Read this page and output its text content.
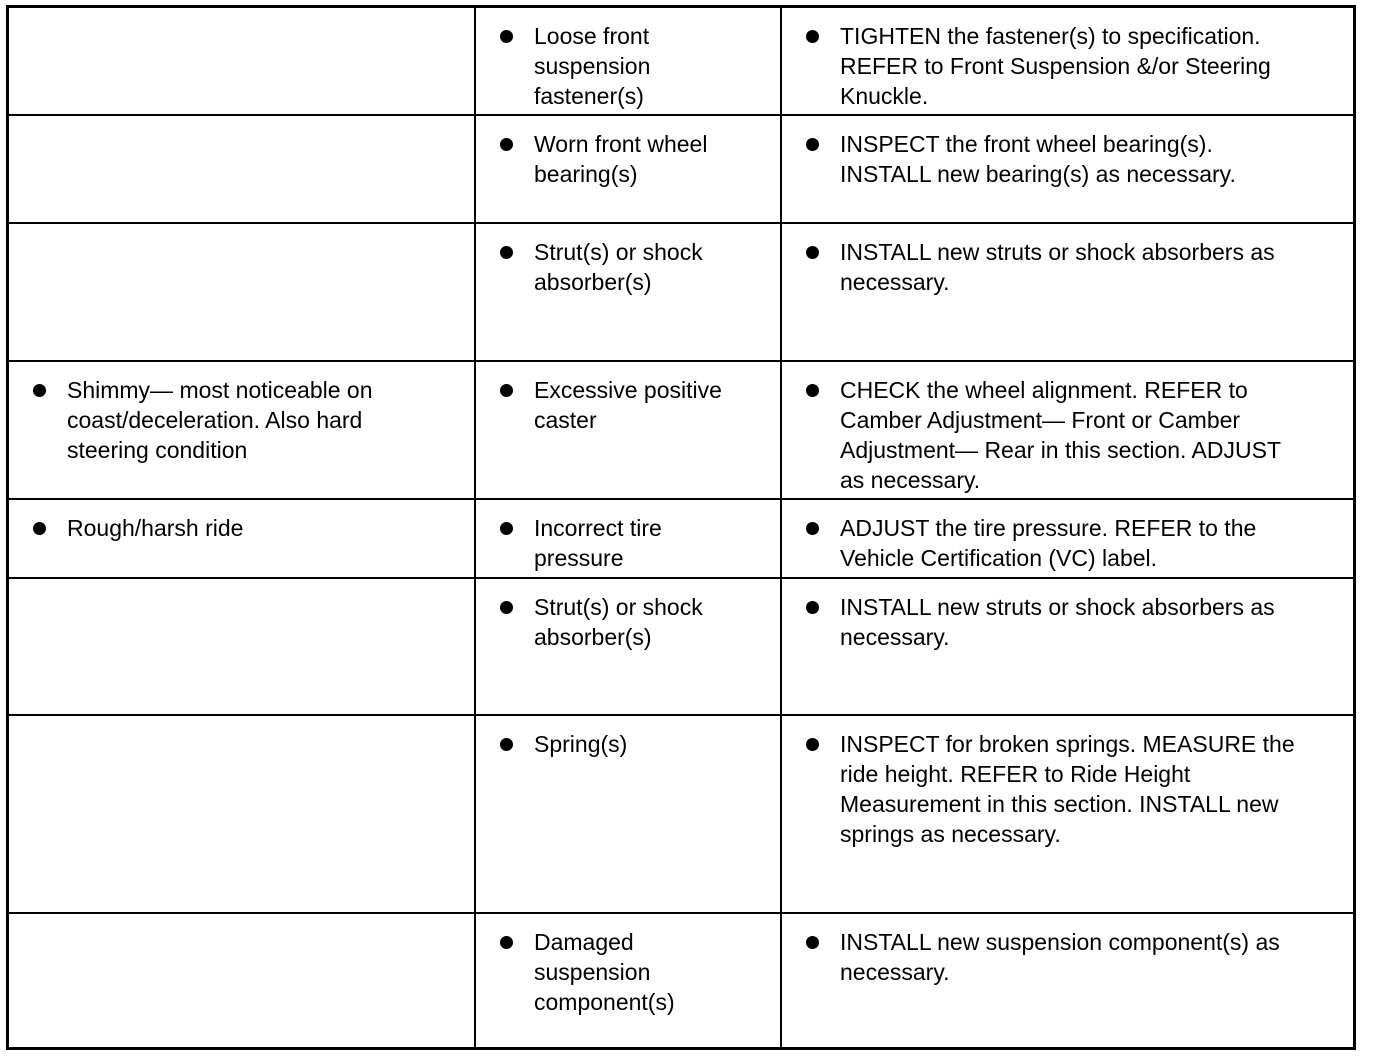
Loose front
suspension
fastener(s)
TIGHTEN the fastener(s) to specification.
REFER to Front Suspension &/or Steering
Knuckle.
Worn front wheel
bearing(s)
INSPECT the front wheel bearing(s).
INSTALL new bearing(s) as necessary.
Strut(s) or shock
absorber(s)
INSTALL new struts or shock absorbers as
necessary.
Shimmy— most noticeable on
coast/deceleration. Also hard
steering condition
Excessive positive
caster
CHECK the wheel alignment. REFER to
Camber Adjustment— Front or Camber
Adjustment— Rear in this section. ADJUST
as necessary.
Rough/harsh ride	Incorrect tire
pressure
ADJUST the tire pressure. REFER to the
Vehicle Certification (VC) label.
Strut(s) or shock
absorber(s)
INSTALL new struts or shock absorbers as
necessary.
Spring(s)	INSPECT for broken springs. MEASURE the
ride height. REFER to Ride Height
Measurement in this section. INSTALL new
springs as necessary.
Damaged
suspension
component(s)
INSTALL new suspension component(s) as
necessary.
